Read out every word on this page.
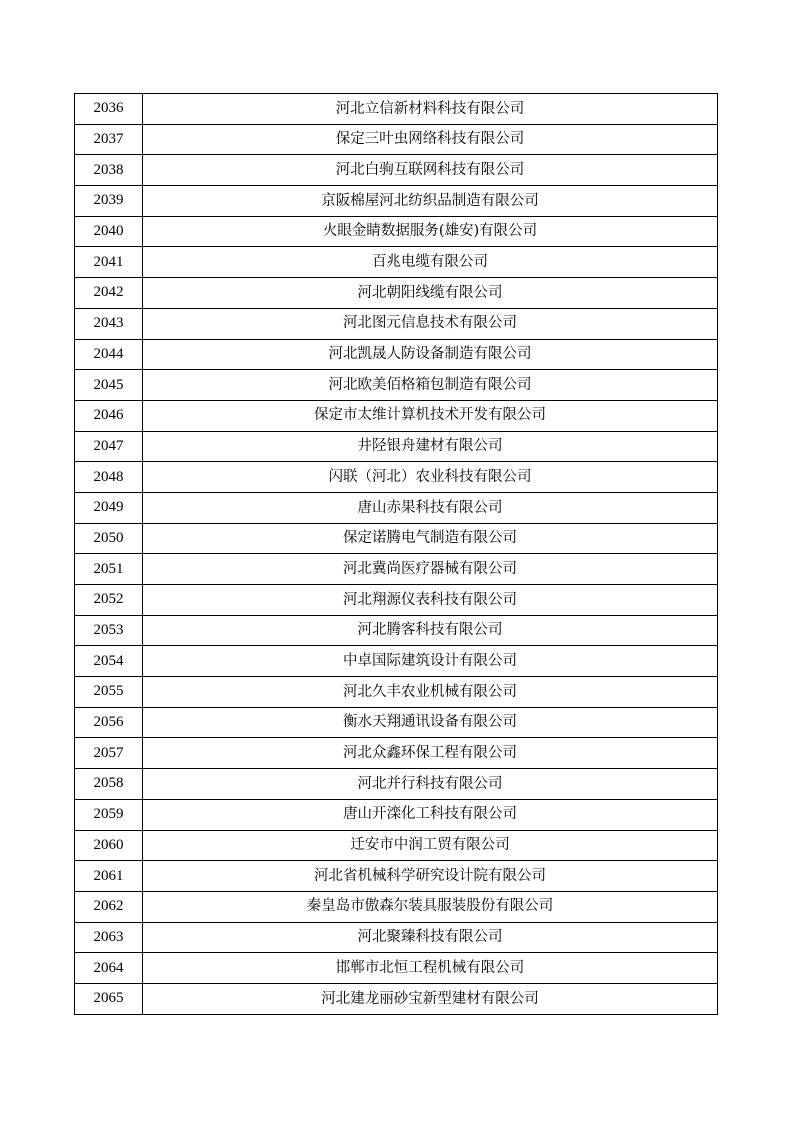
2036	河北立信新材料科技有限公司
2037	保定三叶虫网络科技有限公司
2038	河北白驹互联网科技有限公司
2039	京阪棉屋河北纺织品制造有限公司
2040	火眼金睛数据服务(雄安)有限公司
2041	百兆电缆有限公司
2042	河北朝阳线缆有限公司
2043	河北图元信息技术有限公司
2044	河北凯晟人防设备制造有限公司
2045	河北欧美佰格箱包制造有限公司
2046	保定市太维计算机技术开发有限公司
2047	井陉银舟建材有限公司
2048	闪联（河北）农业科技有限公司
2049	唐山赤果科技有限公司
2050	保定诺腾电气制造有限公司
2051	河北冀尚医疗器械有限公司
2052	河北翔源仪表科技有限公司
2053	河北腾客科技有限公司
2054	中卓国际建筑设计有限公司
2055	河北久丰农业机械有限公司
2056	衡水天翔通讯设备有限公司
2057	河北众鑫环保工程有限公司
2058	河北并行科技有限公司
2059	唐山开滦化工科技有限公司
2060	迁安市中润工贸有限公司
2061	河北省机械科学研究设计院有限公司
2062	秦皇岛市傲森尔装具服装股份有限公司
2063	河北聚臻科技有限公司
2064	邯郸市北恒工程机械有限公司
2065	河北建龙丽砂宝新型建材有限公司
